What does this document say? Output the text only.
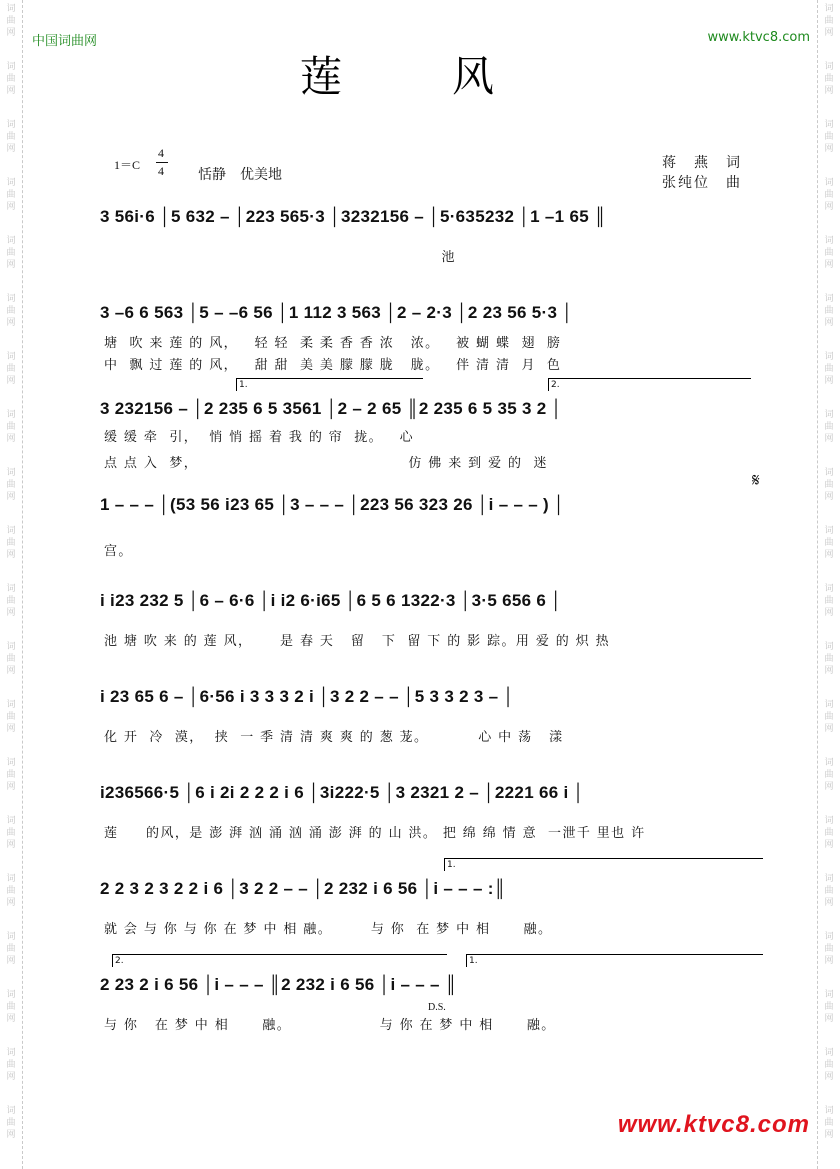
词
曲
网
词
曲
网
词
曲
网
词
曲
网
词
曲
网
词
曲
网
词
曲
网
词
曲
网
词
曲
网
词
曲
网
词
曲
网
词
曲
网
词
曲
网
词
曲
网
词
曲
网
词
曲
网
词
曲
网
词
曲
网
词
曲
网
词
曲
网
词
曲
网
词
曲
网
词
曲
网
词
曲
网
词
曲
网
词
曲
网
词
曲
网
词
曲
网
词
曲
网
词
曲
网
词
曲
网
词
曲
网
词
曲
网
词
曲
网
词
曲
网
词
曲
网
词
曲
网
词
曲
网
词
曲
网
词
曲
网
中国词曲网	www.ktvc8.com
莲　风
1＝C
4
4 恬静　优美地
蒋　燕　词
张纯位　曲
3 56i·6 │5 632 – │223 565·3 │3232156 – │5·635232 │1 –1 65 ║
池
3 –6 6 563 │5 – –6 56 │1 112 3 563 │2 – 2·3 │2 23 56 5·3 │
塘  吹 来 莲 的 风，   轻 轻  柔 柔 香 香 浓   浓。   被 蝴 蝶  翅  膀
中  飘 过 莲 的 风，   甜 甜  美 美 朦 朦 胧   胧。   伴 清 清  月  色
1.	2.
3 232156 – │2 235 6 5 3561 │2 – 2 65 ║2 235 6 5 35 3 2 │
缓 缓 牵  引，  悄 悄 摇 着 我 的 帘  拢。   心
点 点 入  梦，                                      仿 佛 来 到 爱 的  迷
𝄋
1 – – – │(53 56 i23 65 │3 – – – │223 56 323 26 │i – – – ) │
宫。
i i23 232 5 │6 – 6·6 │i i2 6·i65 │6 5 6 1322·3 │3·5 656 6 │
池 塘 吹 来 的 莲 风，     是 春 天   留   下  留 下 的 影 踪。用 爱 的 炽 热
i 23 65 6 – │6·56 i 3 3 3 2 i │3 2 2 – – │5 3 3 2 3 – │
化 开  冷  漠，  挟  一 季 清 清 爽 爽 的 葱 茏。         心 中 荡   漾
i236566·5 │6 i 2i 2 2 2 i 6 │3i222·5 │3 2321 2 – │2221 66 i │
莲     的风，是 澎 湃 汹 涌 汹 涌 澎 湃 的 山 洪。 把 绵 绵 情 意  一泄千 里也 许
1.
2 2 3 2 3 2 2 i 6 │3 2 2 – – │2 232 i 6 56 │i – – – :║
就 会 与 你 与 你 在 梦 中 相 融。       与 你  在 梦 中 相      融。
2.	1.
2 23 2 i 6 56 │i – – – ║2 232 i 6 56 │i – – – ║
D.S.
与 你   在 梦 中 相      融。                与 你 在 梦 中 相      融。
www.ktvc8.com
